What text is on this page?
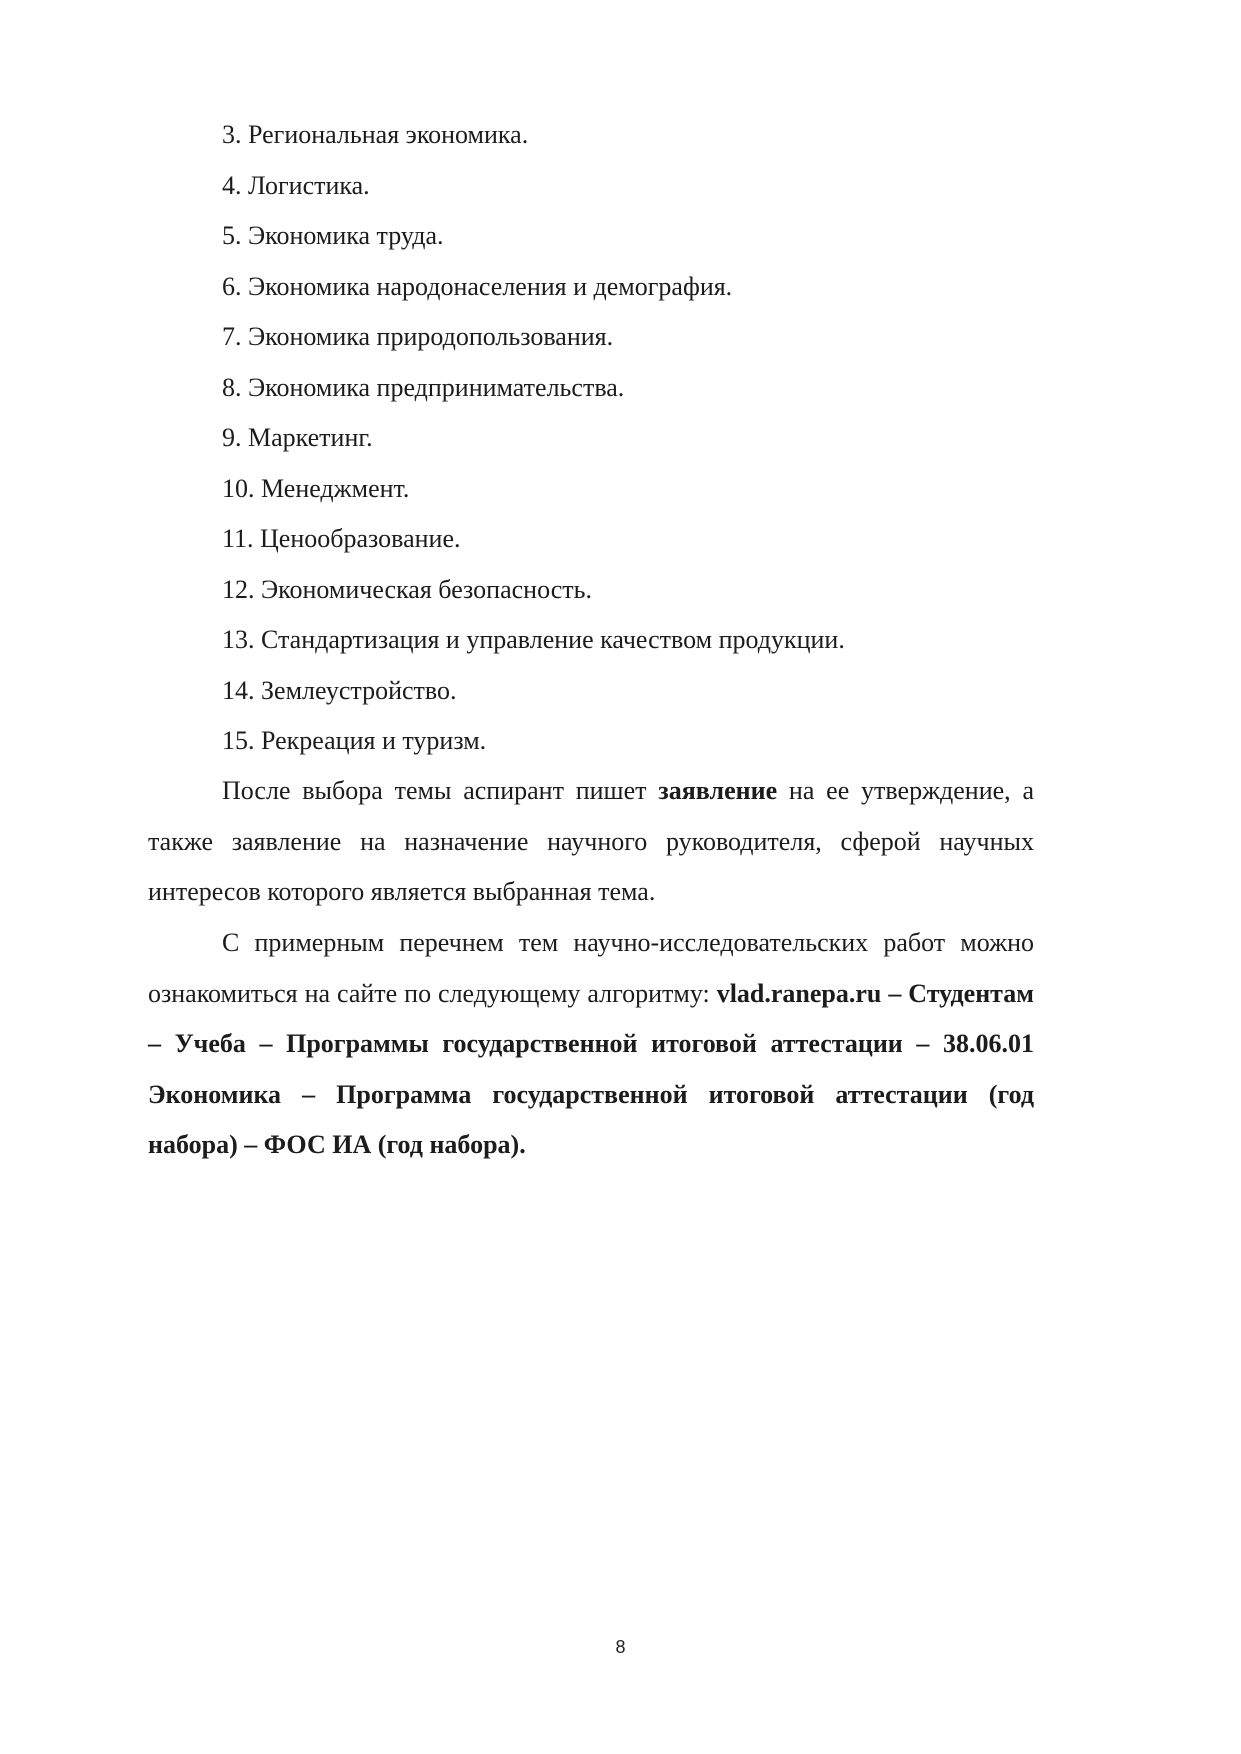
3. Региональная экономика.
4. Логистика.
5. Экономика труда.
6. Экономика народонаселения и демография.
7. Экономика природопользования.
8. Экономика предпринимательства.
9. Маркетинг.
10. Менеджмент.
11. Ценообразование.
12. Экономическая безопасность.
13. Стандартизация и управление качеством продукции.
14. Землеустройство.
15. Рекреация и туризм.

После выбора темы аспирант пишет заявление на ее утверждение, а также заявление на назначение научного руководителя, сферой научных интересов которого является выбранная тема.

С примерным перечнем тем научно-исследовательских работ можно ознакомиться на сайте по следующему алгоритму: vlad.ranepa.ru – Студентам – Учеба – Программы государственной итоговой аттестации – 38.06.01 Экономика – Программа государственной итоговой аттестации (год набора) – ФОС ИА (год набора).

8
